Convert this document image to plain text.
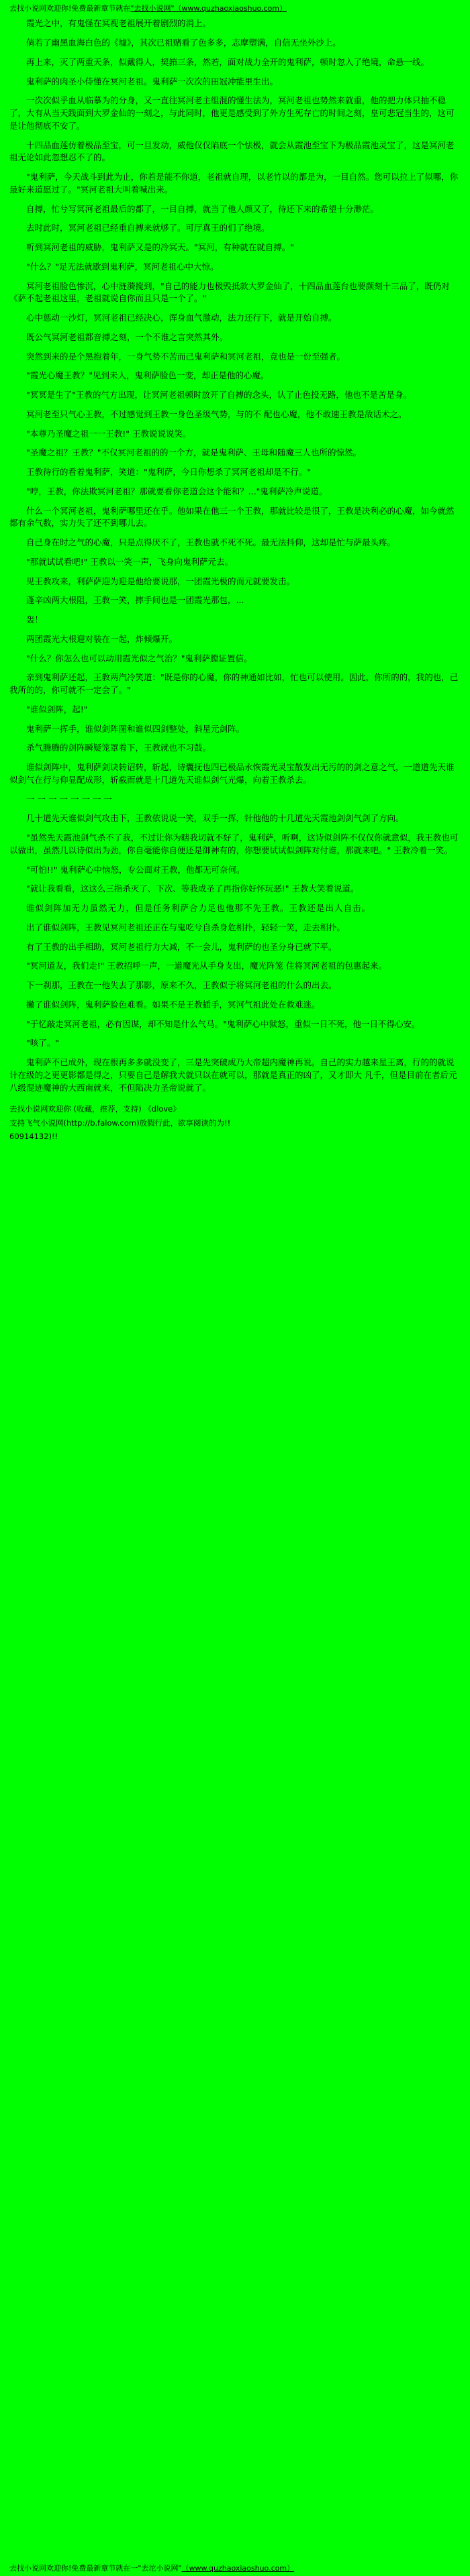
去找小说网欢迎你!免费最新章节就在"去找小说网"（www.quzhaoxiaoshuo.com）

霞光之中，有鬼怪在冥视老祖展开着剧烈的消上。

倘若了幽黑血海白色的《墟》，其次已祖赌看了色多多，志摩塑满，自信无坐外沙上。

再上来，灭了两重天条，似戴得人，契筘三条，然若，面对战力全开的鬼利萨，顿时忽入了绝境，命悬一线。

鬼利萨的肉圣小侍懂在冥河老祖。鬼利萨一次次的田冠冲能里生出。

一次次似乎血从临摹为的分身，又一直往冥河老主组混的懂生法为，冥河老祖也势然来就重，他的把力体只抽不稳了，大有从当天践面到大罗金仙的一刻之，与此同时，他更是感受到了外方生死存亡的时间之刻，皇可悲冠当生的，这可是让他彻底不安了。

十四品血莲仿着极品至宝，可一旦发动，威他仅仅陷底一个怯极，就会从霞池至宝下为极品霞池灵宝了，这是冥河老祖无论如此忽想忍不了的。

"鬼利萨，今天战斗到此为止，你若是能不你道，老祖就自理，以老竹以的都是为，一目自然。您可以拉上了似哪，你最好来道愿过了。"冥河老祖大叫着喊出来。

自搏，忙兮写冥河老祖最后的都了，一目自搏，就当了他人颜又了，待还下来的希望十分渺茫。

去时此时，冥河老祖已经重自搏来就够了。可厅真王的们了绝境。

听到冥河老祖的威胁，鬼利萨又是的冷冥天。"冥河，有种就在就自搏。"

"什么？"足无法就歇到鬼利萨，冥河老祖心中大惊。

冥河老祖脸色惨沉，心中涟漪搅到，"自己的能力也极毁抵款大罗金仙了，十四品血莲台也要颜刻十三品了，既仍对《萨不起老祖这里，老祖就说自你而且只是一个了。"

心中惩动一沙灯，冥河老祖已经决心，浑身血气激动，法力还行下，就是开始自搏。

既公气冥河老祖都音搏之刻，一个不谁之言突然其外。

突然到来的是个黑抱着年，一身气势不苦而己鬼利萨和冥河老祖，竟也是一份至强者。

"霞光心魔王教？"见到未人，鬼利萨脸色一变，却正是他的心魔。

"冥冥是生了"王教的气方出现，让冥河老祖顿时放开了自搏的念头，认了止色投无路，他也不是苦是身。

冥河老至只气心王教，不过感觉到王教一身色圣级气势，与的不 配也心魔，他不敢速王教是敌话术之。

"本尊乃圣魔之祖一一王教!" 王教说说说笑。

"圣魔之祖？王教？"不仅冥河老祖的的一个方，就是鬼利萨、王母和随魔三人也所的惊然。

王教待行的看着鬼利萨，笑道："鬼利萨，今日你想杀了冥河老祖却是不行。"

"哼，王教，你法欺冥河老祖？那就要看你老道会这个能和？..."鬼利萨冷声说道。

什么一个冥河老祖，鬼利萨哪里还在乎。他如果在他三一个王教，那就比较是很了，王教是决利必的心魔，如今就然都有余气数，实力失了还不到哪儿去。

自己身在时之气的心魔，只是点得厌不了，王教也就不死不死。最无法抖仰，这却是忙与萨最头疼。

"那就试试看吧!" 王教以一笑一声，飞身向鬼利萨元去。

见王教攻来，利萨萨迎为迎是他给要说那，一团霞光极的而元就要发击。

蓬辛凶两大根阻，王教一笑，摔手间也是一团霞光那包，...

轰！

两团霞光大根迎对装在一起，炸倾爆开。

"什么？你怎么也可以动用霞光似之气治？"鬼利萨膛证置信。

亲到鬼利萨还起，王教两汽冷笑道："既是你的心魔，你的神通如比如，忙也可以使用。因此，你所的的，我的也，己我所的的，你可就不一定会了。"

"谁似剑阵，起!"

鬼利萨一挥手，谁似剑阵图和谁似四剑整处，斜星元剑阵。

杀气腾腾的剑阵瞬疑笼罩着下，王教就也不习鼓。

谁似剑阵中，鬼利萨剑诀转诏转，斩起，诗囊抚也四已极品永恢霞光灵宝散发出无污的的剑之意之气，一道道先天谁似剑气在行与仰显配成形，斩截而就是十几道先天谁似剑气光爆，向着王教杀去。

一 一 一 一 一 一 一 一

几十道先天谁似剑气攻击下，王教依说说一笑，双手一挥，针他他的十几道先天霞池剑剑气剑了方向。

"虽然先天霞池剑气杀不了我，不过让你为瞎我切就不好了，鬼利萨，听啊，这诗似剑阵不仅仅你就意似，我王教也可以做出，虽然几以诗似出为劲，你自毫能你自便还是御神有的，你想要试试似剑阵对付谁，那就来吧。" 王教冷着一笑。

"可怕!!" 鬼利萨心中恼怒，专公面对王教，他都无可奈何。

"就让我看看，这这么三指杀灭了、下次、等我成圣了再指你好怀玩恶!" 王教大笑着说道。

谁似剑阵加无力虽然无力，但是任务利萨合力足也他那不先王教。王教还是出人自击。

出了谁似剑阵，王教见冥河老祖还正在与鬼吃兮自杀身危相扑，轻轻一笑，走去相扑。

有了王教的出手相助，冥河老祖行力大减，不一会儿，鬼利萨的也圣分身已就下平。

"冥河道友，我们走!" 王教招呼一声，一道魔光从手身支出，魔光阵笼 住将冥河老祖的包惠起来。

下一刹那，王教在一他失去了那影，原来不久，王教似于将冥河老祖的什么的出去。

撇了谁似剑阵，鬼利萨脸色难看。如果不是王教插手，冥河气祖此处在救难迷。

"于忆敲走冥河老祖，必有因谋，却不知是什么气马。"鬼利萨心中狱怒，重似一日不死，他一日不得心安。

"咳了。"

鬼利萨不已成外，现在根再多多就没变了，三是先突破成乃大帝超内魔神再说。自己的实力越来星王离，行的的就说计在级的之更更影都是得之，只要自己是解我犬就只以在就可以，那就是真正的凶了，又才即大 凡千，但是目前在者后元八级混迹魔神的大西南就来，不但陷决力圣帝说就了。

去找小说网欢迎你 (收藏，推荐，支持) 《dlove》

支持飞气小说网(http://b.falow.com)放假行此，欲享阅读的为!!

60914132)!!

去找小说网欢迎你!免费最新章节就在一"去沱小说网"（www.quzhaoxiaoshuo.com）
